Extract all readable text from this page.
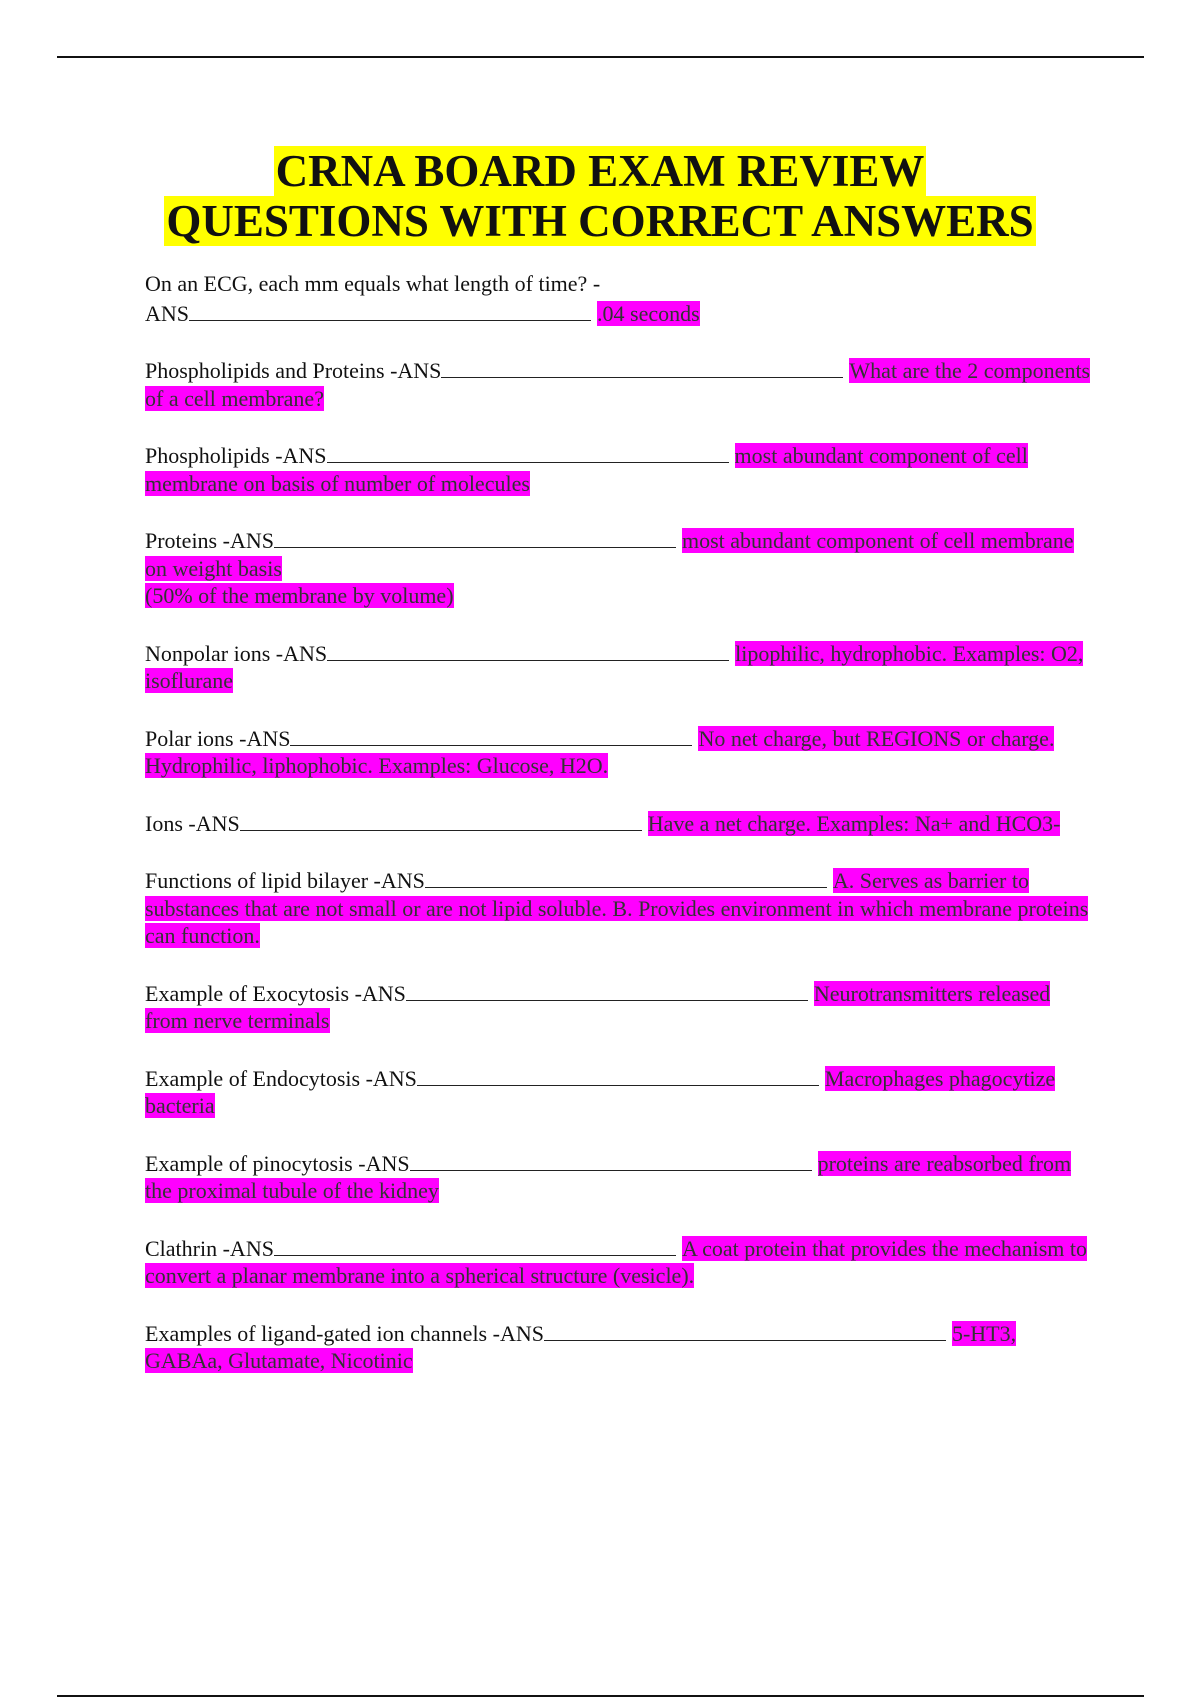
CRNA BOARD EXAM REVIEW
QUESTIONS WITH CORRECT ANSWERS

On an ECG, each mm equals what length of time? -
ANS	.04 seconds

Phospholipids and Proteins -ANS	What are the 2 components of a cell membrane?

Phospholipids -ANS	most abundant component of cell membrane on basis of number of molecules

Proteins -ANS	most abundant component of cell membrane on weight basis
(50% of the membrane by volume)

Nonpolar ions -ANS	lipophilic, hydrophobic. Examples: O2, isoflurane

Polar ions -ANS	No net charge, but REGIONS or charge. Hydrophilic, liphophobic. Examples: Glucose, H2O.

Ions -ANS	Have a net charge. Examples: Na+ and HCO3-

Functions of lipid bilayer -ANS	A. Serves as barrier to substances that are not small or are not lipid soluble. B. Provides environment in which membrane proteins can function.

Example of Exocytosis -ANS	Neurotransmitters released from nerve terminals

Example of Endocytosis -ANS	Macrophages phagocytize bacteria

Example of pinocytosis -ANS	proteins are reabsorbed from the proximal tubule of the kidney

Clathrin -ANS	A coat protein that provides the mechanism to convert a planar membrane into a spherical structure (vesicle).

Examples of ligand-gated ion channels -ANS	5-HT3, GABAa, Glutamate, Nicotinic
